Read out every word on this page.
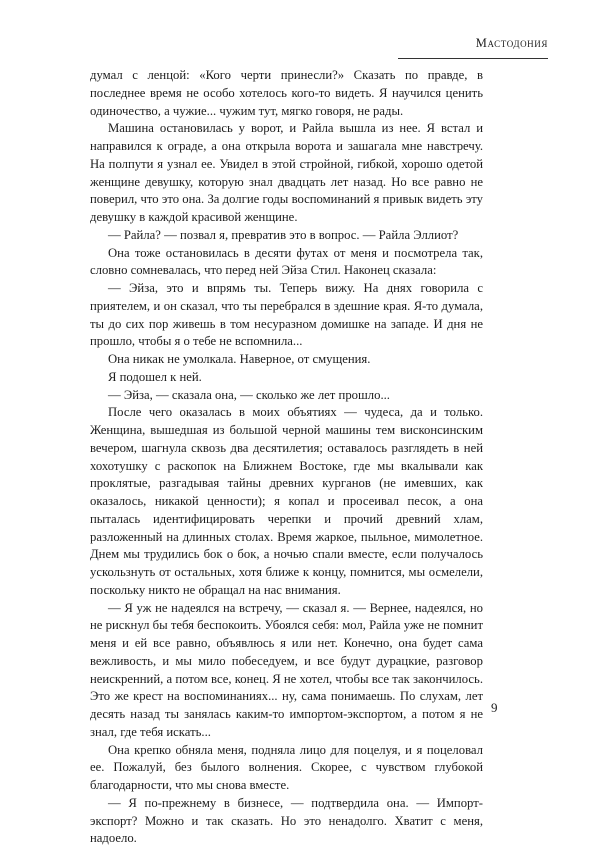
Мастодония

думал с ленцой: «Кого черти принесли?» Сказать по правде, в последнее время не особо хотелось кого-то видеть. Я научился ценить одиночество, а чужие... чужим тут, мягко говоря, не рады.

Машина остановилась у ворот, и Райла вышла из нее. Я встал и направился к ограде, а она открыла ворота и зашагала мне навстречу. На полпути я узнал ее. Увидел в этой стройной, гибкой, хорошо одетой женщине девушку, которую знал двадцать лет назад. Но все равно не поверил, что это она. За долгие годы воспоминаний я привык видеть эту девушку в каждой красивой женщине.

— Райла? — позвал я, превратив это в вопрос. — Райла Эллиот?

Она тоже остановилась в десяти футах от меня и посмотрела так, словно сомневалась, что перед ней Эйза Стил. Наконец сказала:

— Эйза, это и впрямь ты. Теперь вижу. На днях говорила с приятелем, и он сказал, что ты перебрался в здешние края. Я-то думала, ты до сих пор живешь в том несуразном домишке на западе. И дня не прошло, чтобы я о тебе не вспомнила...

Она никак не умолкала. Наверное, от смущения.

Я подошел к ней.

— Эйза, — сказала она, — сколько же лет прошло...

После чего оказалась в моих объятиях — чудеса, да и только. Женщина, вышедшая из большой черной машины тем висконсинским вечером, шагнула сквозь два десятилетия; оставалось разглядеть в ней хохотушку с раскопок на Ближнем Востоке, где мы вкалывали как проклятые, разгадывая тайны древних курганов (не имевших, как оказалось, никакой ценности); я копал и просеивал песок, а она пыталась идентифицировать черепки и прочий древний хлам, разложенный на длинных столах. Время жаркое, пыльное, мимолетное. Днем мы трудились бок о бок, а ночью спали вместе, если получалось ускользнуть от остальных, хотя ближе к концу, помнится, мы осмелели, поскольку никто не обращал на нас внимания.

— Я уж не надеялся на встречу, — сказал я. — Вернее, надеялся, но не рискнул бы тебя беспокоить. Убоялся себя: мол, Райла уже не помнит меня и ей все равно, объявлюсь я или нет. Конечно, она будет сама вежливость, и мы мило побеседуем, и все будут дурацкие, разговор неискренний, а потом все, конец. Я не хотел, чтобы все так закончилось. Это же крест на воспоминаниях... ну, сама понимаешь. По слухам, лет десять назад ты занялась каким-то импортом-экспортом, а потом я не знал, где тебя искать...

Она крепко обняла меня, подняла лицо для поцелуя, и я поцеловал ее. Пожалуй, без былого волнения. Скорее, с чувством глубокой благодарности, что мы снова вместе.

— Я по-прежнему в бизнесе, — подтвердила она. — Импорт-экспорт? Можно и так сказать. Но это ненадолго. Хватит с меня, надоело.

9
